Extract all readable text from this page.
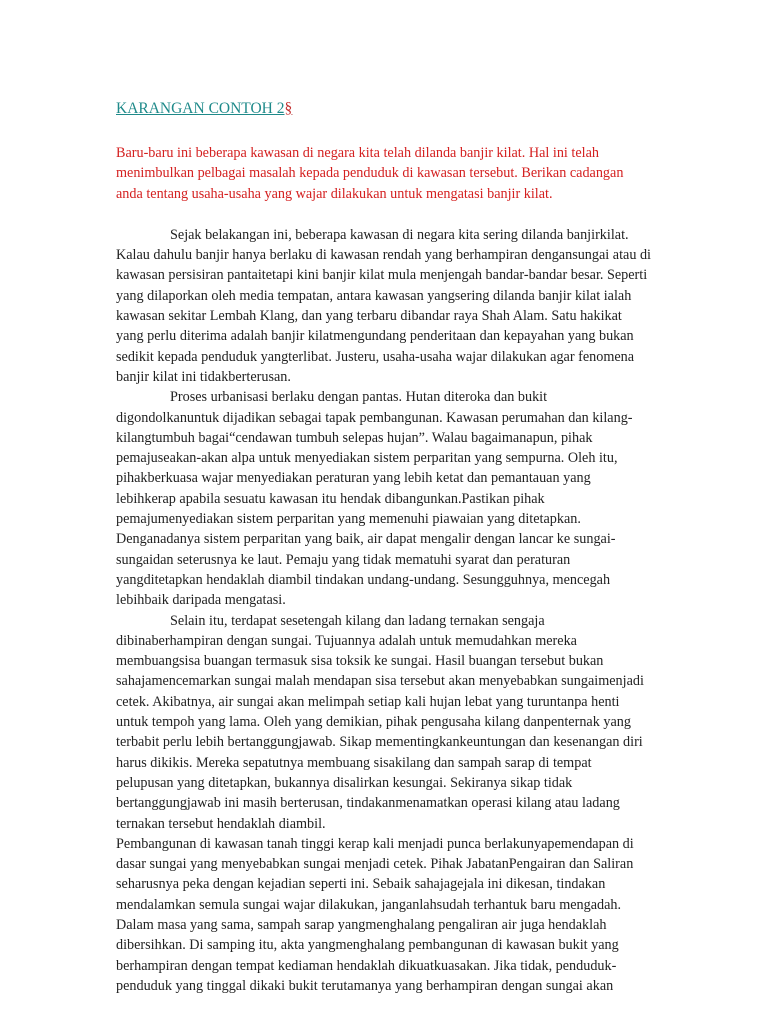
KARANGAN CONTOH 2§
Baru-baru ini beberapa kawasan di negara kita telah dilanda banjir kilat. Hal ini telah
menimbulkan pelbagai masalah kepada penduduk di kawasan tersebut. Berikan cadangan
anda tentang usaha-usaha yang wajar dilakukan untuk mengatasi banjir kilat.
Sejak belakangan ini, beberapa kawasan di negara kita sering dilanda banjirkilat.
Kalau dahulu banjir hanya berlaku di kawasan rendah yang berhampiran dengansungai atau di
kawasan persisiran pantaitetapi kini banjir kilat mula menjengah bandar-bandar besar. Seperti
yang dilaporkan oleh media tempatan, antara kawasan yangsering dilanda banjir kilat ialah
kawasan sekitar Lembah Klang, dan yang terbaru dibandar raya Shah Alam. Satu hakikat
yang perlu diterima adalah banjir kilatmengundang penderitaan dan kepayahan yang bukan
sedikit kepada penduduk yangterlibat. Justeru, usaha-usaha wajar dilakukan agar fenomena
banjir kilat ini tidakberterusan.
Proses urbanisasi berlaku dengan pantas. Hutan diteroka dan bukit
digondolkanuntuk dijadikan sebagai tapak pembangunan. Kawasan perumahan dan kilang-
kilangtumbuh bagai“cendawan tumbuh selepas hujan”. Walau bagaimanapun, pihak
pemajuseakan-akan alpa untuk menyediakan sistem perparitan yang sempurna. Oleh itu,
pihakberkuasa wajar menyediakan peraturan yang lebih ketat dan pemantauan yang
lebihkerap apabila sesuatu kawasan itu hendak dibangunkan.Pastikan pihak
pemajumenyediakan sistem perparitan yang memenuhi piawaian yang ditetapkan.
Denganadanya sistem perparitan yang baik, air dapat mengalir dengan lancar ke sungai-
sungaidan seterusnya ke laut. Pemaju yang tidak mematuhi syarat dan peraturan
yangditetapkan hendaklah diambil tindakan undang-undang. Sesungguhnya, mencegah
lebihbaik daripada mengatasi.
Selain itu, terdapat sesetengah kilang dan ladang ternakan sengaja
dibinaberhampiran dengan sungai. Tujuannya adalah untuk memudahkan mereka
membuangsisa buangan termasuk sisa toksik ke sungai. Hasil buangan tersebut bukan
sahajamencemarkan sungai malah mendapan sisa tersebut akan menyebabkan sungaimenjadi
cetek. Akibatnya, air sungai akan melimpah setiap kali hujan lebat yang turuntanpa henti
untuk tempoh yang lama. Oleh yang demikian, pihak pengusaha kilang danpenternak yang
terbabit perlu lebih bertanggungjawab. Sikap mementingkankeuntungan dan kesenangan diri
harus dikikis. Mereka sepatutnya membuang sisakilang dan sampah sarap di tempat
pelupusan yang ditetapkan, bukannya disalirkan kesungai. Sekiranya sikap tidak
bertanggungjawab ini masih berterusan, tindakanmenamatkan operasi kilang atau ladang
ternakan tersebut hendaklah diambil.
Pembangunan di kawasan tanah tinggi kerap kali menjadi punca berlakunyapemendapan di
dasar sungai yang menyebabkan sungai menjadi cetek. Pihak JabatanPengairan dan Saliran
seharusnya peka dengan kejadian seperti ini. Sebaik sahajagejala ini dikesan, tindakan
mendalamkan semula sungai wajar dilakukan, janganlahsudah terhantuk baru mengadah.
Dalam masa yang sama, sampah sarap yangmenghalang pengaliran air juga hendaklah
dibersihkan. Di samping itu, akta yangmenghalang pembangunan di kawasan bukit yang
berhampiran dengan tempat kediaman hendaklah dikuatkuasakan. Jika tidak, penduduk-
penduduk yang tinggal dikaki bukit terutamanya yang berhampiran dengan sungai akan
